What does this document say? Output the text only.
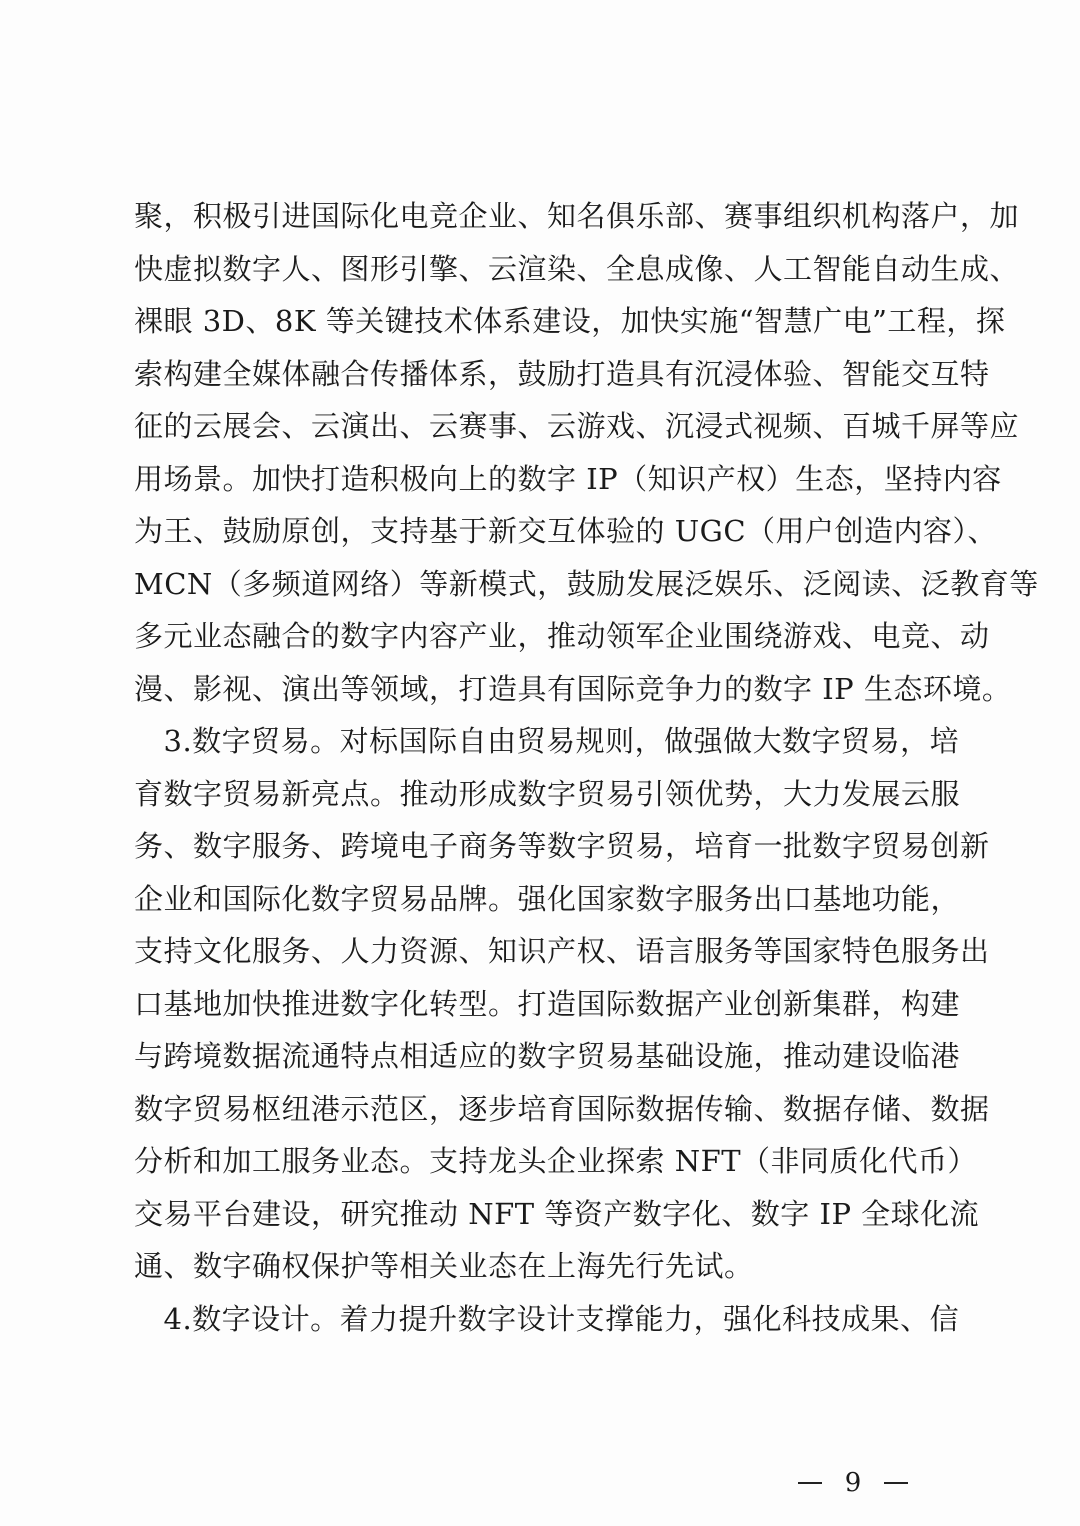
聚，积极引进国际化电竞企业、知名俱乐部、赛事组织机构落户，加
快虚拟数字人、图形引擎、云渲染、全息成像、人工智能自动生成、
裸眼 3D、8K 等关键技术体系建设，加快实施“智慧广电”工程，探
索构建全媒体融合传播体系，鼓励打造具有沉浸体验、智能交互特
征的云展会、云演出、云赛事、云游戏、沉浸式视频、百城千屏等应
用场景。加快打造积极向上的数字 IP（知识产权）生态，坚持内容
为王、鼓励原创，支持基于新交互体验的 UGC（用户创造内容）、
MCN（多频道网络）等新模式，鼓励发展泛娱乐、泛阅读、泛教育等
多元业态融合的数字内容产业，推动领军企业围绕游戏、电竞、动
漫、影视、演出等领域，打造具有国际竞争力的数字 IP 生态环境。
　3.数字贸易。对标国际自由贸易规则，做强做大数字贸易，培
育数字贸易新亮点。推动形成数字贸易引领优势，大力发展云服
务、数字服务、跨境电子商务等数字贸易，培育一批数字贸易创新
企业和国际化数字贸易品牌。强化国家数字服务出口基地功能，
支持文化服务、人力资源、知识产权、语言服务等国家特色服务出
口基地加快推进数字化转型。打造国际数据产业创新集群，构建
与跨境数据流通特点相适应的数字贸易基础设施，推动建设临港
数字贸易枢纽港示范区，逐步培育国际数据传输、数据存储、数据
分析和加工服务业态。支持龙头企业探索 NFT（非同质化代币）
交易平台建设，研究推动 NFT 等资产数字化、数字 IP 全球化流
通、数字确权保护等相关业态在上海先行先试。
　4.数字设计。着力提升数字设计支撑能力，强化科技成果、信
9
